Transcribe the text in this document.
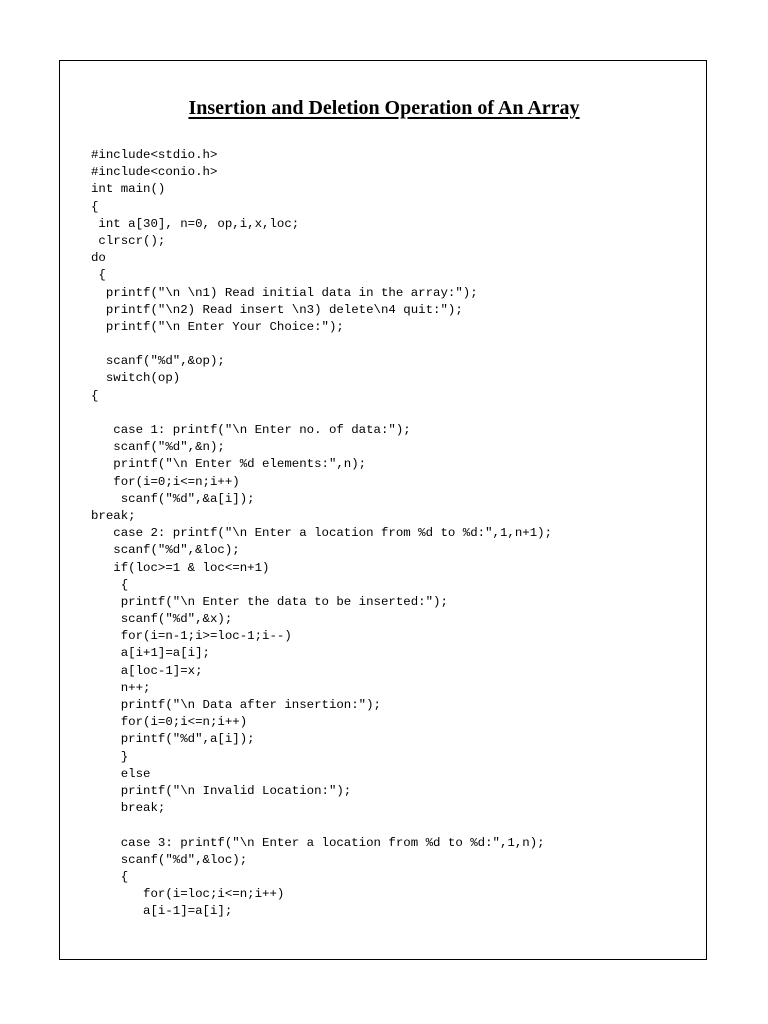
Insertion and Deletion Operation of An Array
#include<stdio.h>
#include<conio.h>
int main()
{
int a[30], n=0, op,i,x,loc;
clrscr();
do
{
printf("\n \n1) Read initial data in the array:");
printf("\n2) Read insert \n3) delete\n4 quit:");
printf("\n Enter Your Choice:");
scanf("%d",&op);
switch(op)
{
case 1: printf("\n Enter no. of data:");
scanf("%d",&n);
printf("\n Enter %d elements:",n);
for(i=0;i<=n;i++)
scanf("%d",&a[i]);
break;
case 2: printf("\n Enter a location from %d to %d:",1,n+1);
scanf("%d",&loc);
if(loc>=1 & loc<=n+1)
{
printf("\n Enter the data to be inserted:");
scanf("%d",&x);
for(i=n-1;i>=loc-1;i--)
a[i+1]=a[i];
a[loc-1]=x;
n++;
printf("\n Data after insertion:");
for(i=0;i<=n;i++)
printf("%d",a[i]);
}
else
printf("\n Invalid Location:");
break;
case 3: printf("\n Enter a location from %d to %d:",1,n);
scanf("%d",&loc);
{
for(i=loc;i<=n;i++)
a[i-1]=a[i];
